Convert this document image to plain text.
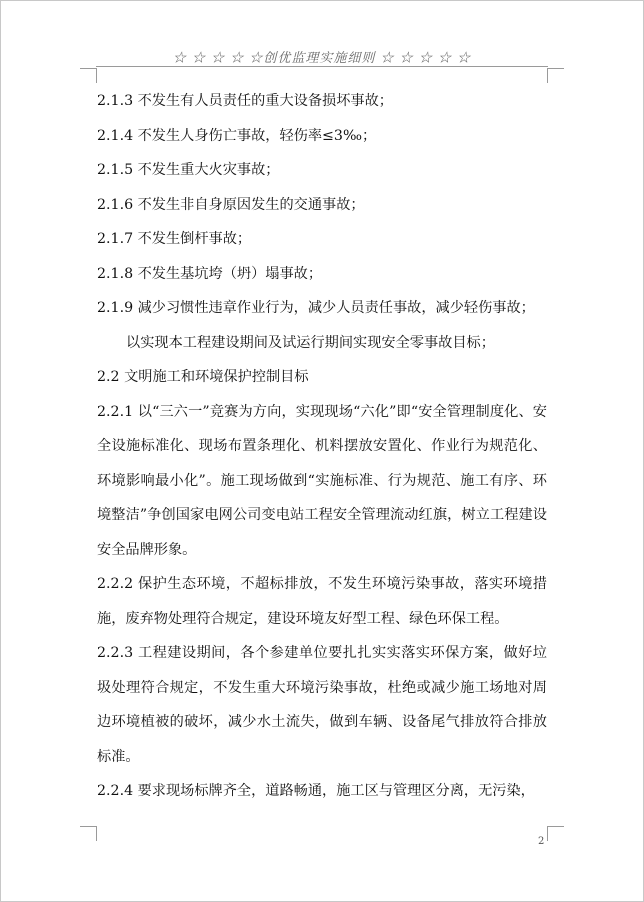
☆ ☆ ☆ ☆ ☆创优监理实施细则 ☆ ☆ ☆ ☆ ☆

2.1.3 不发生有人员责任的重大设备损坏事故；

2.1.4 不发生人身伤亡事故，轻伤率≤3‰；

2.1.5 不发生重大火灾事故；

2.1.6 不发生非自身原因发生的交通事故；

2.1.7 不发生倒杆事故；

2.1.8 不发生基坑垮（坍）塌事故；

2.1.9 减少习惯性违章作业行为，减少人员责任事故，减少轻伤事故；

以实现本工程建设期间及试运行期间实现安全零事故目标；

2.2 文明施工和环境保护控制目标

2.2.1 以“三六一”竞赛为方向，实现现场“六化”即“安全管理制度化、安全设施标准化、现场布置条理化、机料摆放安置化、作业行为规范化、环境影响最小化”。施工现场做到“实施标准、行为规范、施工有序、环境整洁”争创国家电网公司变电站工程安全管理流动红旗，树立工程建设安全品牌形象。

2.2.2 保护生态环境，不超标排放，不发生环境污染事故，落实环境措施，废弃物处理符合规定，建设环境友好型工程、绿色环保工程。

2.2.3 工程建设期间，各个参建单位要扎扎实实落实环保方案，做好垃圾处理符合规定，不发生重大环境污染事故，杜绝或减少施工场地对周边环境植被的破坏，减少水土流失，做到车辆、设备尾气排放符合排放标准。

2.2.4 要求现场标牌齐全，道路畅通，施工区与管理区分离，无污染，

2
